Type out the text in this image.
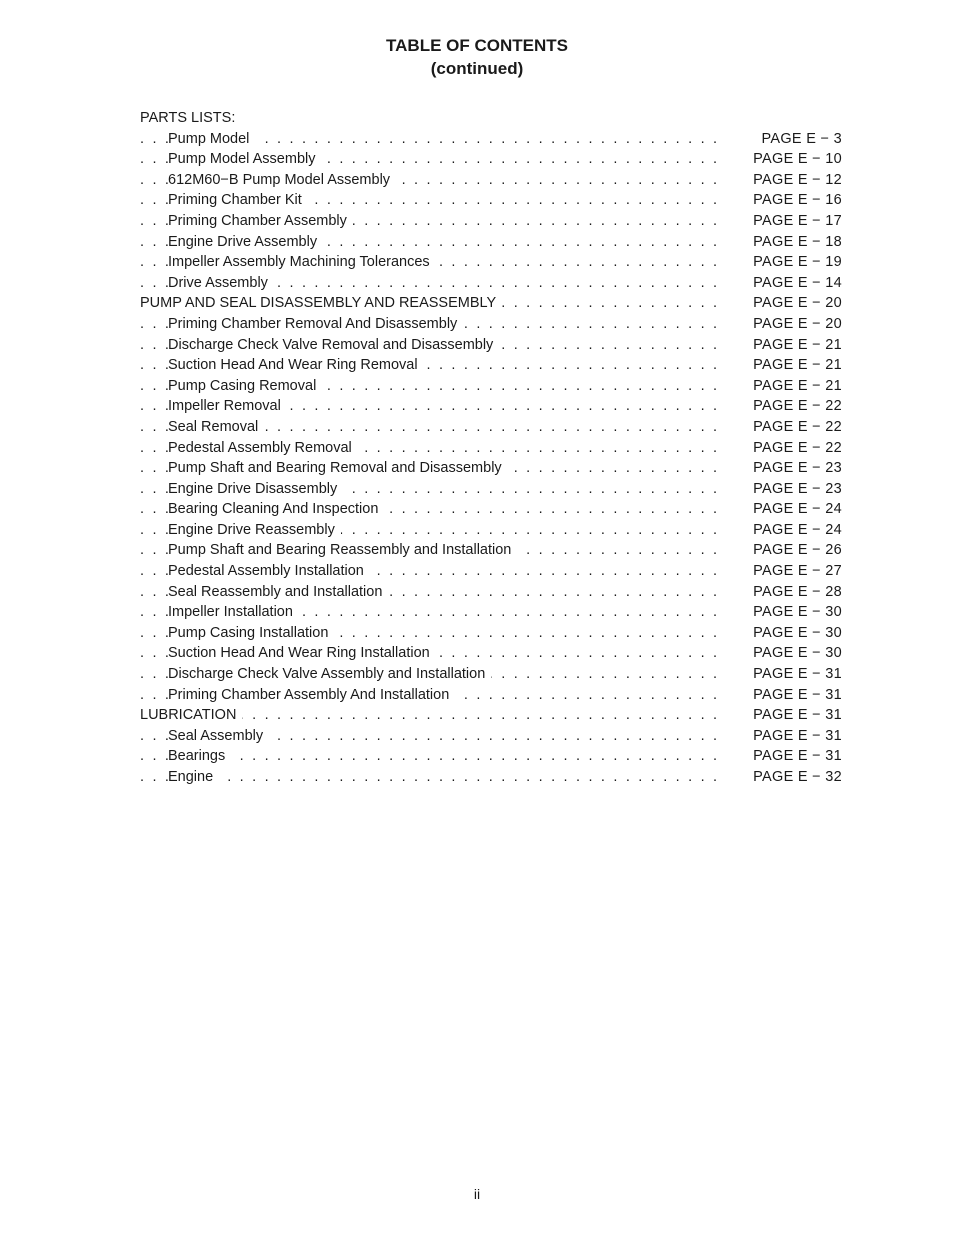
TABLE OF CONTENTS
(continued)
PARTS LISTS:
. . .
Pump Model	PAGE E − 3
. . .
Pump Model Assembly	PAGE E − 10
. . .
612M60−B Pump Model Assembly	PAGE E − 12
. . .
Priming Chamber Kit	PAGE E − 16
. . .
Priming Chamber Assembly	PAGE E − 17
. . .
Engine Drive Assembly	PAGE E − 18
. . .
Impeller Assembly Machining Tolerances	PAGE E − 19
. . .
Drive Assembly	PAGE E − 14
. . .
PUMP AND SEAL DISASSEMBLY AND REASSEMBLY	PAGE E − 20
. . .
Priming Chamber Removal And Disassembly	PAGE E − 20
. . .
Discharge Check Valve Removal and Disassembly	PAGE E − 21
. . .
Suction Head And Wear Ring Removal	PAGE E − 21
. . .
Pump Casing Removal	PAGE E − 21
. . .
Impeller Removal	PAGE E − 22
. . .
Seal Removal	PAGE E − 22
. . .
Pedestal Assembly Removal	PAGE E − 22
. . .
Pump Shaft and Bearing Removal and Disassembly	PAGE E − 23
. . .
Engine Drive Disassembly	PAGE E − 23
. . .
Bearing Cleaning And Inspection	PAGE E − 24
. . .
Engine Drive Reassembly	PAGE E − 24
. . .
Pump Shaft and Bearing Reassembly and Installation	PAGE E − 26
. . .
Pedestal Assembly Installation	PAGE E − 27
. . .
Seal Reassembly and Installation	PAGE E − 28
. . .
Impeller Installation	PAGE E − 30
. . .
Pump Casing Installation	PAGE E − 30
. . .
Suction Head And Wear Ring Installation	PAGE E − 30
. . .
Discharge Check Valve Assembly and Installation	PAGE E − 31
. . .
Priming Chamber Assembly And Installation	PAGE E − 31
. . .
LUBRICATION	PAGE E − 31
. . .
Seal Assembly	PAGE E − 31
. . .
Bearings	PAGE E − 31
. . .
Engine	PAGE E − 32
ii
